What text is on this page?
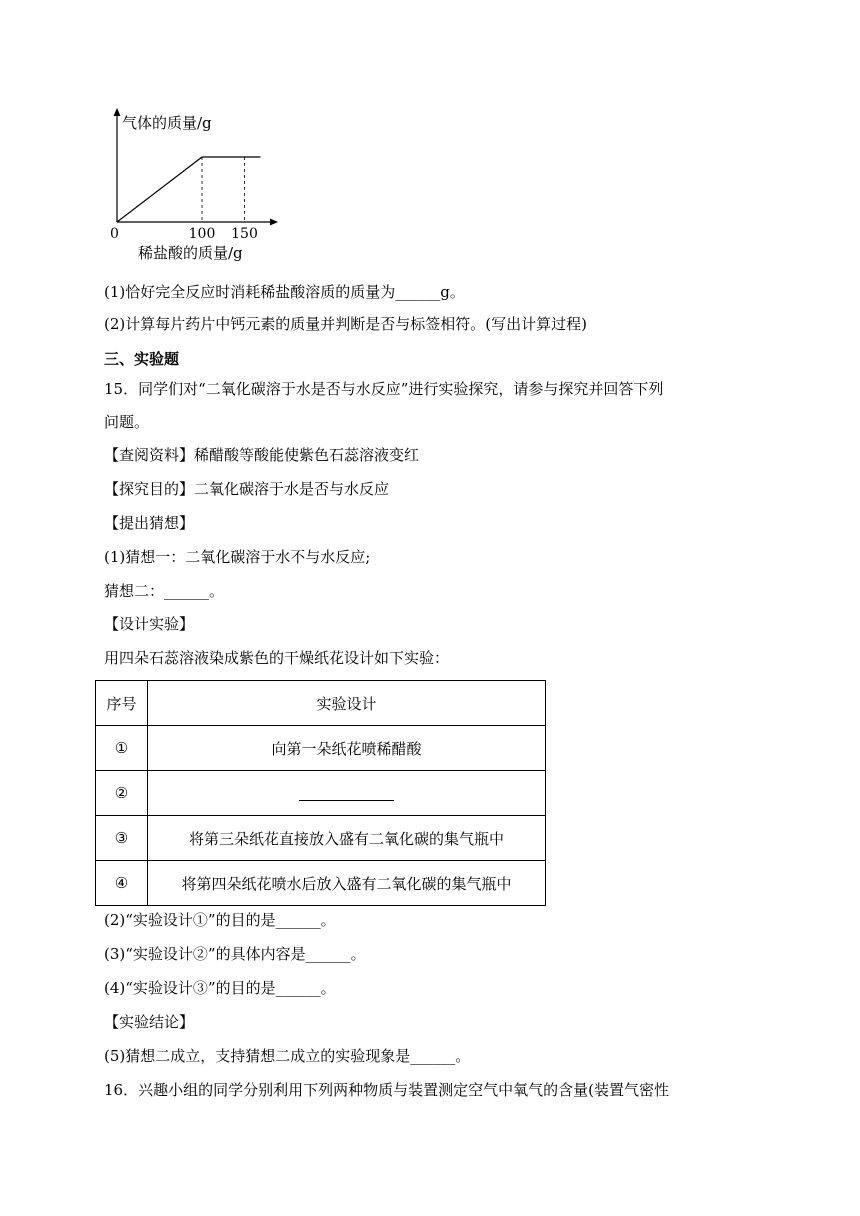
气体的质量/g
0	100 150
稀盐酸的质量/g
(1)恰好完全反应时消耗稀盐酸溶质的质量为______g。
(2)计算每片药片中钙元素的质量并判断是否与标签相符。(写出计算过程)
三、实验题
15．同学们对“二氧化碳溶于水是否与水反应”进行实验探究，请参与探究并回答下列
问题。
【查阅资料】稀醋酸等酸能使紫色石蕊溶液变红
【探究目的】二氧化碳溶于水是否与水反应
【提出猜想】
(1)猜想一：二氧化碳溶于水不与水反应;
猜想二：______。
【设计实验】
用四朵石蕊溶液染成紫色的干燥纸花设计如下实验：
序号	实验设计
①	向第一朵纸花喷稀醋酸
②	
③	将第三朵纸花直接放入盛有二氧化碳的集气瓶中
④	将第四朵纸花喷水后放入盛有二氧化碳的集气瓶中
(2)“实验设计①”的目的是______。
(3)“实验设计②”的具体内容是______。
(4)“实验设计③”的目的是______。
【实验结论】
(5)猜想二成立，支持猜想二成立的实验现象是______。
16．兴趣小组的同学分别利用下列两种物质与装置测定空气中氧气的含量(装置气密性
